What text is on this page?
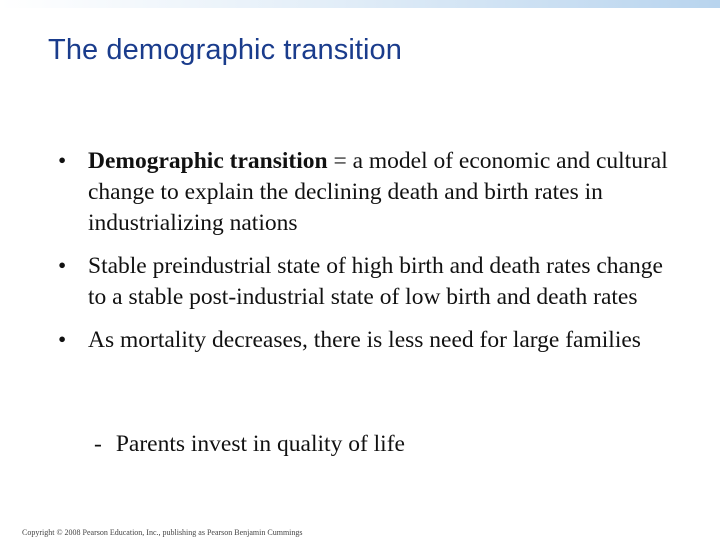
The demographic transition
• Demographic transition = a model of economic and cultural change to explain the declining death and birth rates in industrializing nations
• Stable preindustrial state of high birth and death rates change to a stable post-industrial state of low birth and death rates
• As mortality decreases, there is less need for large families
- Parents invest in quality of life
Copyright © 2008 Pearson Education, Inc., publishing as Pearson Benjamin Cummings
